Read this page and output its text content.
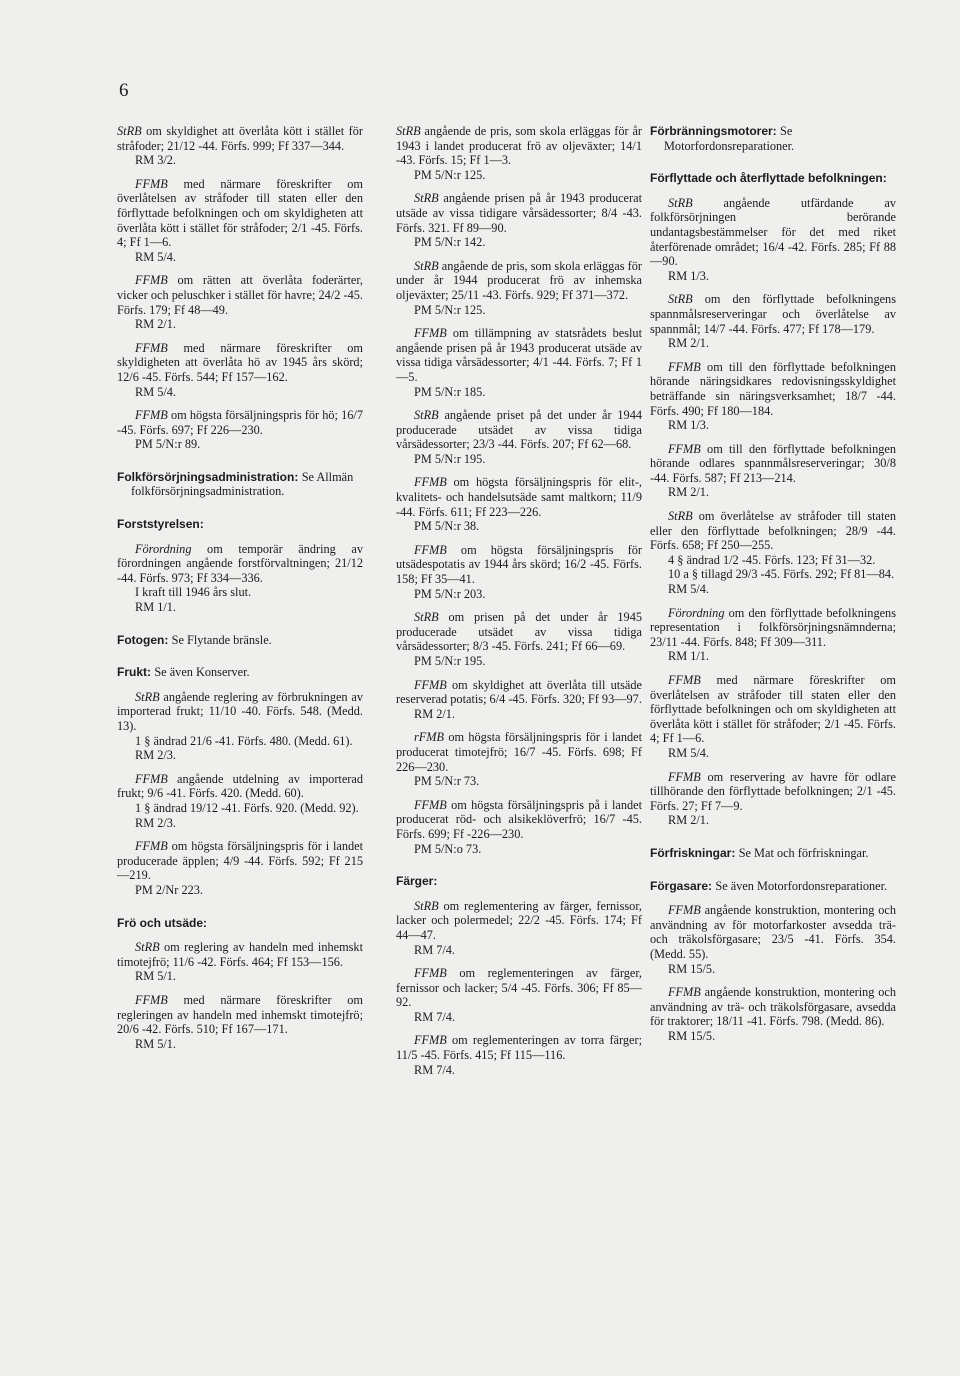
6

StRB om skyldighet att överlåta kött i stället för stråfoder; 21/12 -44. Förfs. 999; Ff 337—344.

RM 3/2.

FFMB med närmare föreskrifter om överlåtelsen av stråfoder till staten eller den förflyttade befolkningen och om skyldigheten att överlåta kött i stället för stråfoder; 2/1 -45. Förfs. 4; Ff 1—6.

RM 5/4.

FFMB om rätten att överlåta foderärter, vicker och peluschker i stället för havre; 24/2 -45. Förfs. 179; Ff 48—49.

RM 2/1.

FFMB med närmare föreskrifter om skyldigheten att överlåta hö av 1945 års skörd; 12/6 -45. Förfs. 544; Ff 157—162.

RM 5/4.

FFMB om högsta försäljningspris för hö; 16/7 -45. Förfs. 697; Ff 226—230.

PM 5/N:r 89.

Folkförsörjningsadministration: Se Allmän folkförsörjningsadministration.
Forststyrelsen:

Förordning om temporär ändring av förordningen angående forstförvaltningen; 21/12 -44. Förfs. 973; Ff 334—336.

I kraft till 1946 års slut.

RM 1/1.

Fotogen: Se Flytande bränsle.
Frukt: Se även Konserver.

StRB angående reglering av förbrukningen av importerad frukt; 11/10 -40. Förfs. 548. (Medd. 13).

1 § ändrad 21/6 -41. Förfs. 480. (Medd. 61).

RM 2/3.

FFMB angående utdelning av importerad frukt; 9/6 -41. Förfs. 420. (Medd. 60).

1 § ändrad 19/12 -41. Förfs. 920. (Medd. 92).

RM 2/3.

FFMB om högsta försäljningspris för i landet producerade äpplen; 4/9 -44. Förfs. 592; Ff 215—219.

PM 2/Nr 223.

Frö och utsäde:

StRB om reglering av handeln med inhemskt timotejfrö; 11/6 -42. Förfs. 464; Ff 153—156.

RM 5/1.

FFMB med närmare föreskrifter om regleringen av handeln med inhemskt timotejfrö; 20/6 -42. Förfs. 510; Ff 167—171.

RM 5/1.

StRB angående de pris, som skola erläggas för år 1943 i landet producerat frö av oljeväxter; 14/1 -43. Förfs. 15; Ff 1—3.

PM 5/N:r 125.

StRB angående prisen på år 1943 producerat utsäde av vissa tidigare vårsädessorter; 8/4 -43. Förfs. 321. Ff 89—90.

PM 5/N:r 142.

StRB angående de pris, som skola erläggas för under år 1944 producerat frö av inhemska oljeväxter; 25/11 -43. Förfs. 929; Ff 371—372.

PM 5/N:r 125.

FFMB om tillämpning av statsrådets beslut angående prisen på år 1943 producerat utsäde av vissa tidiga vårsädessorter; 4/1 -44. Förfs. 7; Ff 1—5.

PM 5/N:r 185.

StRB angående priset på det under år 1944 producerade utsädet av vissa tidiga vårsädessorter; 23/3 -44. Förfs. 207; Ff 62—68.

PM 5/N:r 195.

FFMB om högsta försäljningspris för elit-, kvalitets- och handelsutsäde samt maltkorn; 11/9 -44. Förfs. 611; Ff 223—226.

PM 5/N:r 38.

FFMB om högsta försäljningspris för utsädespotatis av 1944 års skörd; 16/2 -45. Förfs. 158; Ff 35—41.

PM 5/N:r 203.

StRB om prisen på det under år 1945 producerade utsädet av vissa tidiga vårsädessorter; 8/3 -45. Förfs. 241; Ff 66—69.

PM 5/N:r 195.

FFMB om skyldighet att överlåta till utsäde reserverad potatis; 6/4 -45. Förfs. 320; Ff 93—97.

RM 2/1.

rFMB om högsta försäljningspris för i landet producerat timotejfrö; 16/7 -45. Förfs. 698; Ff 226—230.

PM 5/N:r 73.

FFMB om högsta försäljningspris på i landet producerat röd- och alsikeklöverfrö; 16/7 -45. Förfs. 699; Ff -226—230.

PM 5/N:o 73.

Färger:

StRB om reglementering av färger, fernissor, lacker och polermedel; 22/2 -45. Förfs. 174; Ff 44—47.

RM 7/4.

FFMB om reglementeringen av färger, fernissor och lacker; 5/4 -45. Förfs. 306; Ff 85—92.

RM 7/4.

FFMB om reglementeringen av torra färger; 11/5 -45. Förfs. 415; Ff 115—116.

RM 7/4.

Förbränningsmotorer: Se Motorfordonsreparationer.
Förflyttade och återflyttade befolkningen:

StRB	angående utfärdande av folkförsörjningen berörande undantagsbestämmelser för det med riket återförenade området; 16/4 -42. Förfs. 285; Ff 88—90.

RM 1/3.

StRB om den förflyttade befolkningens spannmålsreserveringar och överlåtelse av spannmål; 14/7 -44. Förfs. 477; Ff 178—179.

RM 2/1.

FFMB om till den förflyttade befolkningen hörande näringsidkares redovisningsskyldighet beträffande sin näringsverksamhet; 18/7 -44. Förfs. 490; Ff 180—184.

RM 1/3.

FFMB om till den förflyttade befolkningen hörande odlares spannmålsreserveringar; 30/8 -44. Förfs. 587; Ff 213—214.

RM 2/1.

StRB om överlåtelse av stråfoder till staten eller den förflyttade befolkningen; 28/9 -44. Förfs. 658; Ff 250—255.

4 § ändrad 1/2 -45. Förfs. 123; Ff 31—32.

10 a § tillagd 29/3 -45. Förfs. 292; Ff 81—84.

RM 5/4.

Förordning om den förflyttade befolkningens representation i folkförsörjningsnämnderna; 23/11 -44. Förfs. 848; Ff 309—311.

RM 1/1.

FFMB med närmare föreskrifter om överlåtelsen av stråfoder till staten eller den förflyttade befolkningen och om skyldigheten att överlåta kött i stället för stråfoder; 2/1 -45. Förfs. 4; Ff 1—6.

RM 5/4.

FFMB om reservering av havre för odlare tillhörande den förflyttade befolkningen; 2/1 -45. Förfs. 27; Ff 7—9.

RM 2/1.

Förfriskningar: Se Mat och förfriskningar.
Förgasare: Se även Motorfordonsreparationer.

FFMB angående konstruktion, montering och användning av för motorfarkoster avsedda trä- och träkolsförgasare; 23/5 -41. Förfs. 354. (Medd. 55).

RM 15/5.

FFMB angående konstruktion, montering och användning av trä- och träkolsförgasare, avsedda för traktorer; 18/11 -41. Förfs. 798. (Medd. 86).

RM 15/5.
